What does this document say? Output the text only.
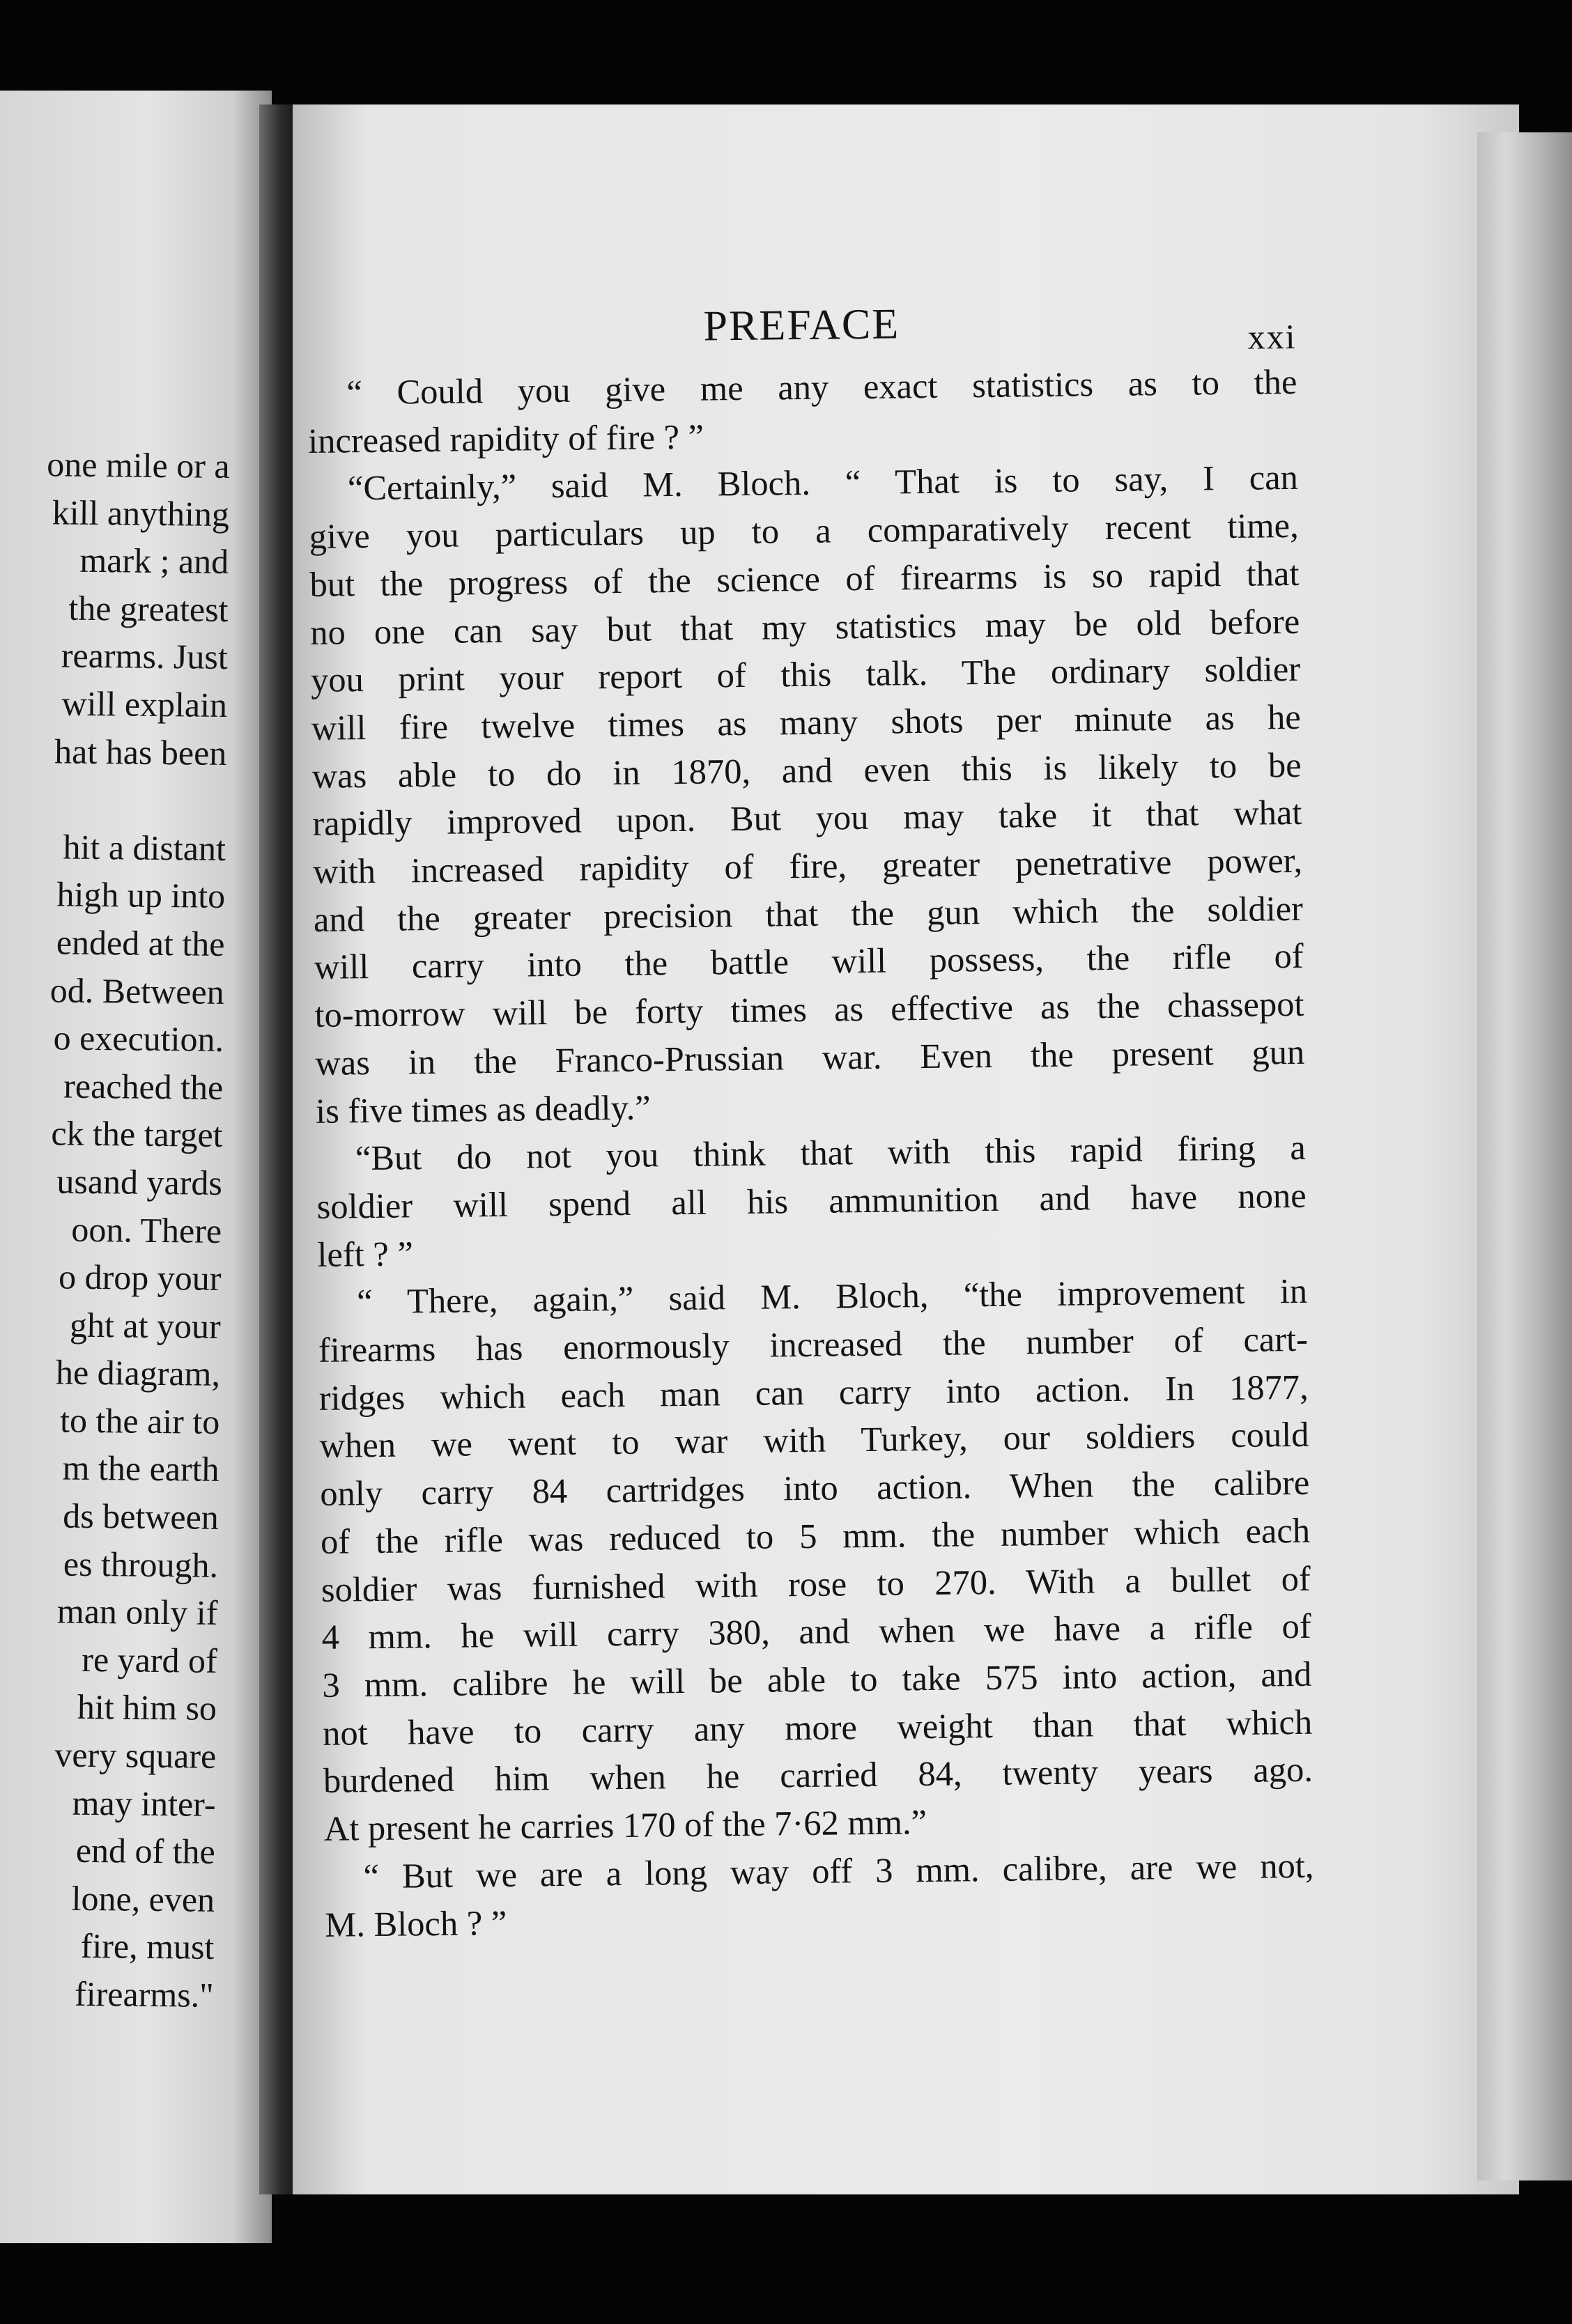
one mile or a
kill anything
mark ; and
the greatest
rearms. Just
will explain
hat has been
hit a distant
high up into
ended at the
od. Between
o execution.
reached the
ck the target
usand yards
oon. There
o drop your
ght at your
he diagram,
to the air to
m the earth
ds between
es through.
man only if
re yard of
hit him so
very square
may inter-
end of the
lone, even
fire, must
firearms."
PREFACE	xxi
“ Could you give me any exact statistics as to the
increased rapidity of fire ? ”
“Certainly,” said M. Bloch. “ That is to say, I can
give you particulars up to a comparatively recent time,
but the progress of the science of firearms is so rapid that
no one can say but that my statistics may be old before
you print your report of this talk. The ordinary soldier
will fire twelve times as many shots per minute as he
was able to do in 1870, and even this is likely to be
rapidly improved upon. But you may take it that what
with increased rapidity of fire, greater penetrative power,
and the greater precision that the gun which the soldier
will carry into the battle will possess, the rifle of
to-morrow will be forty times as effective as the chassepot
was in the Franco-Prussian war. Even the present gun
is five times as deadly.”
“But do not you think that with this rapid firing a
soldier will spend all his ammunition and have none
left ? ”
“ There, again,” said M. Bloch, “the improvement in
firearms has enormously increased the number of cart-
ridges which each man can carry into action. In 1877,
when we went to war with Turkey, our soldiers could
only carry 84 cartridges into action. When the calibre
of the rifle was reduced to 5 mm. the number which each
soldier was furnished with rose to 270. With a bullet of
4 mm. he will carry 380, and when we have a rifle of
3 mm. calibre he will be able to take 575 into action, and
not have to carry any more weight than that which
burdened him when he carried 84, twenty years ago.
At present he carries 170 of the 7·62 mm.”
“ But we are a long way off 3 mm. calibre, are we not,
M. Bloch ? ”
